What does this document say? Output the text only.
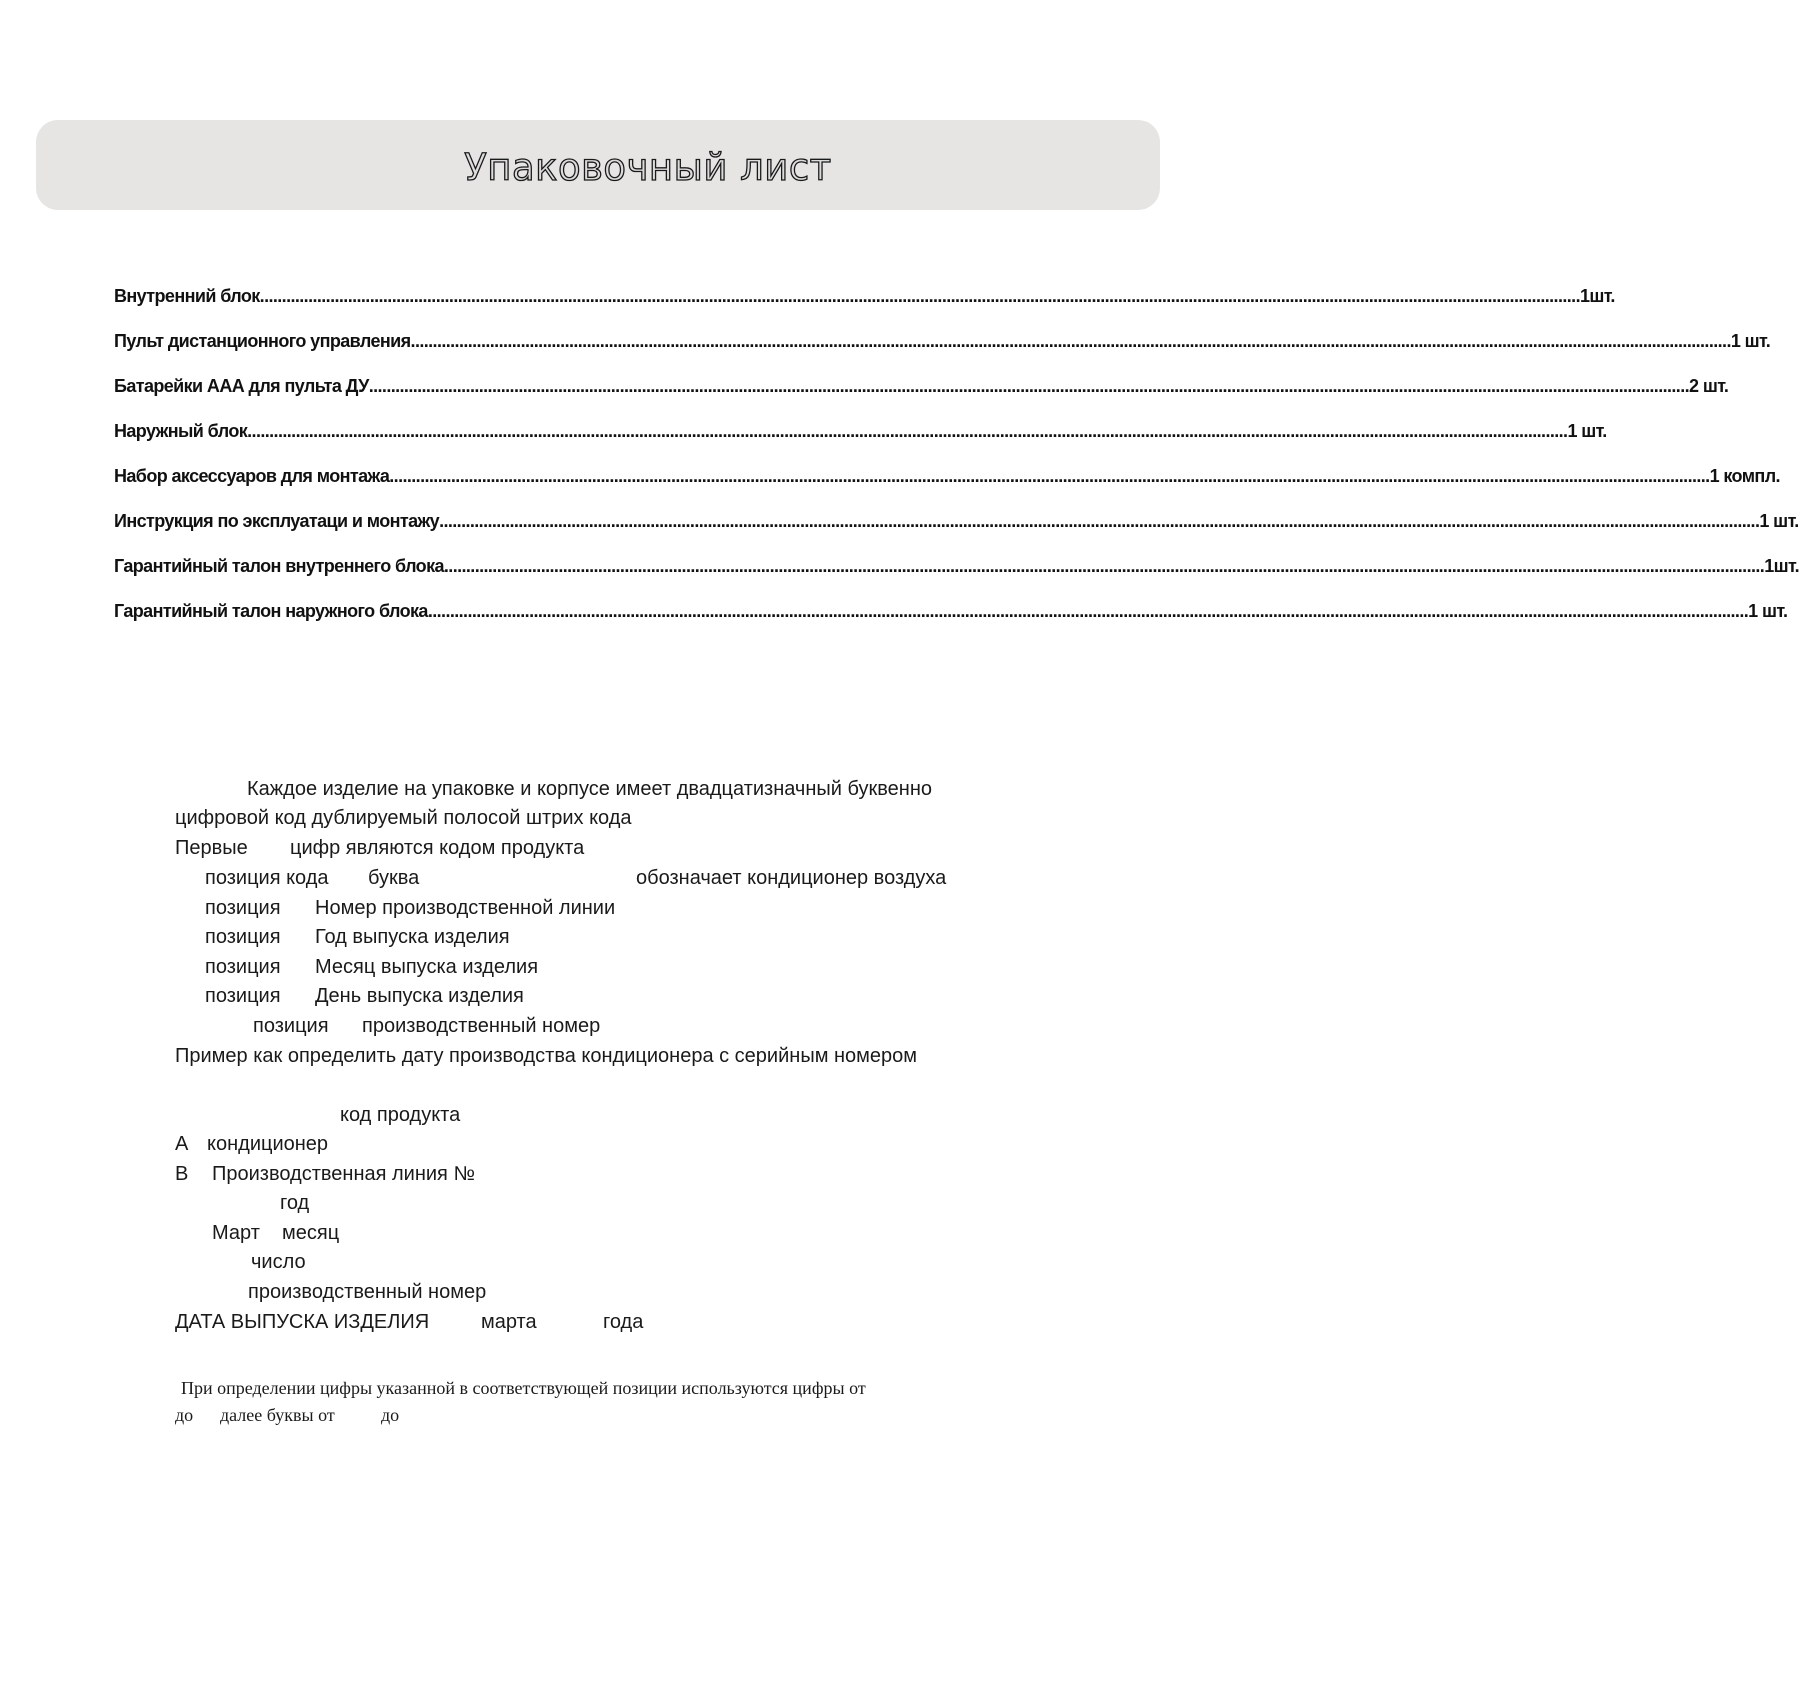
Упаковочный лист
Внутренний блок ............................................................................................................................................................................................................................................................................................................ 1шт.
Пульт дистанционного управления ............................................................................................................................................................................................................................................................................................................ 1 шт.
Батарейки ААА для пульта ДУ ............................................................................................................................................................................................................................................................................................................ 2 шт.
Наружный блок ............................................................................................................................................................................................................................................................................................................ 1 шт.
Набор аксессуаров для монтажа ............................................................................................................................................................................................................................................................................................................ 1 компл.
Инструкция по эксплуатаци и монтажу ............................................................................................................................................................................................................................................................................................................ 1 шт.
Гарантийный талон внутреннего блока ............................................................................................................................................................................................................................................................................................................ 1шт.
Гарантийный талон наружного блока ............................................................................................................................................................................................................................................................................................................ 1 шт.
Каждое изделие на упаковке и корпусе имеет двадцатизначный буквенно
цифровой код дублируемый полосой штрих кода
Первые цифр являются кодом продукта
позиция кода буква	обозначает кондиционер воздуха
позиция Номер производственной линии
позиция Год выпуска изделия
позиция Месяц выпуска изделия
позиция День выпуска изделия
позиция производственный номер
Пример как определить дату производства кондиционера с серийным номером
код продукта
А кондиционер
В Производственная линия №
год
Март месяц
число
производственный номер
ДАТА ВЫПУСКА ИЗДЕЛИЯ	марта	года
При определении цифры указанной в соответствующей позиции используются цифры от
до далее буквы от	до
